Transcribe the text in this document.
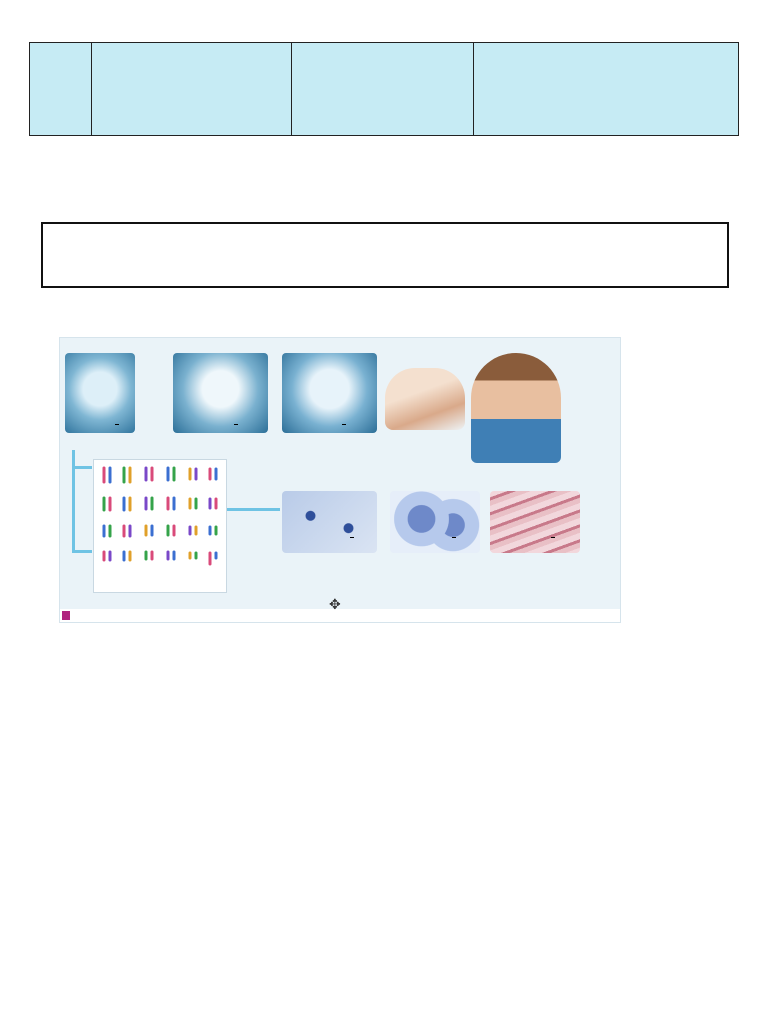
✥
